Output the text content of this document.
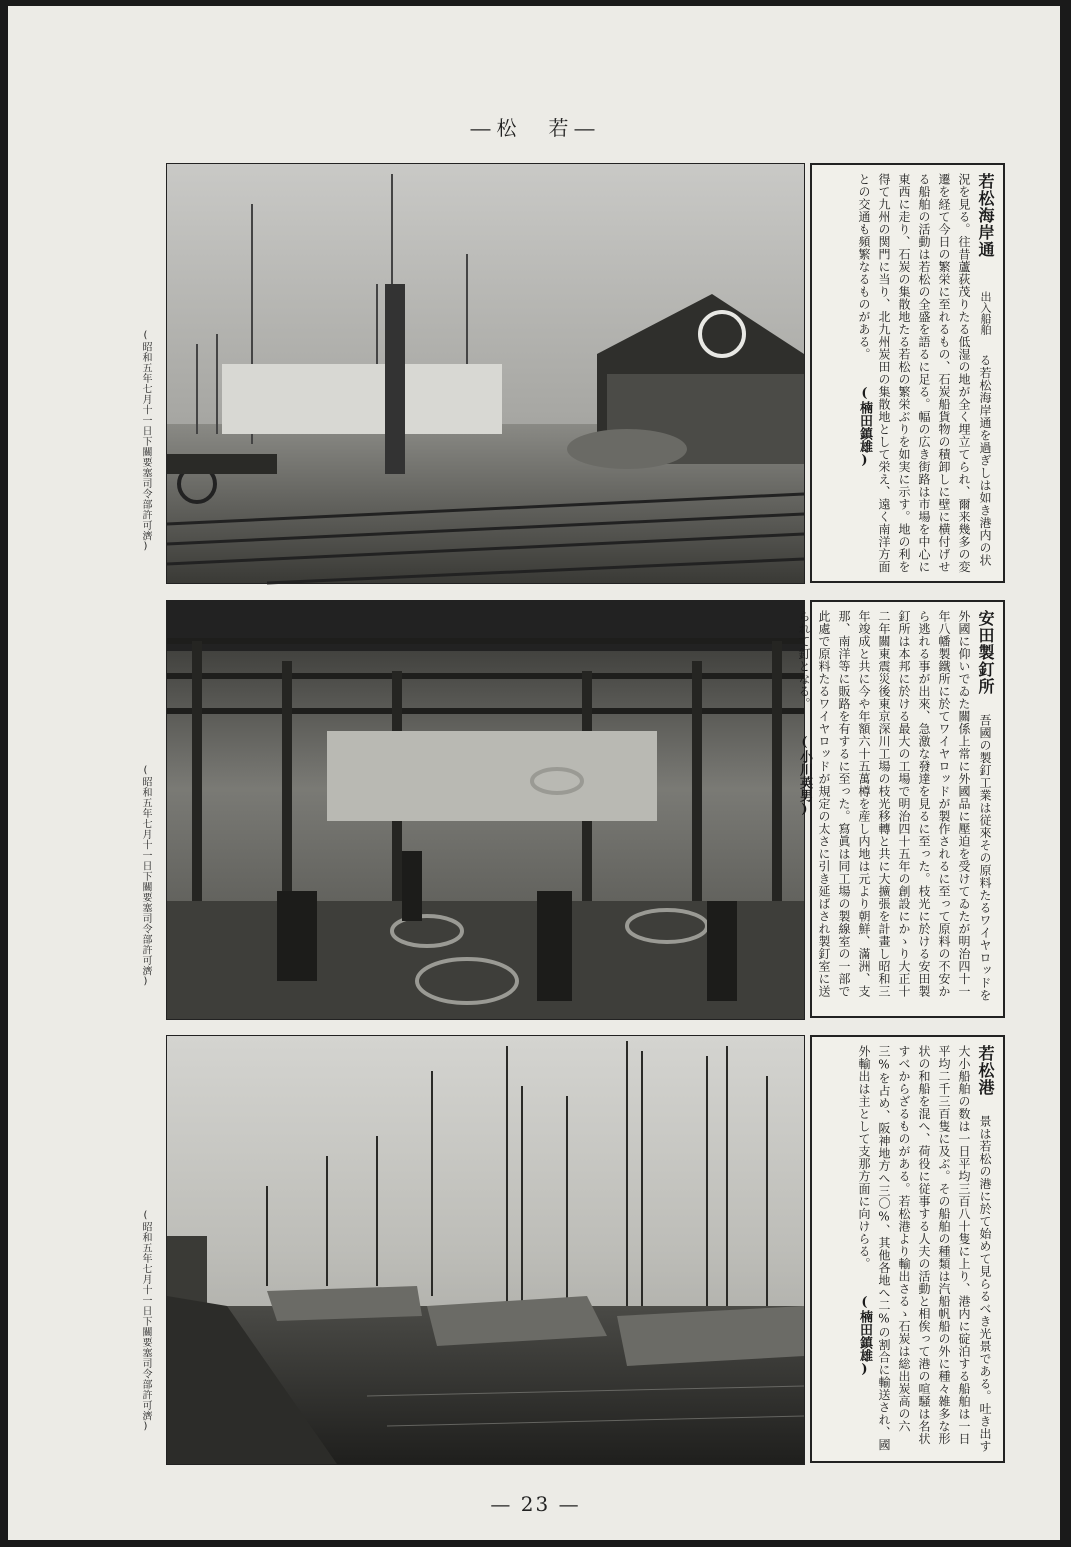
―松　若―
(昭和五年七月十一日下關要塞司令部許可濟)
若松海岸通 出入船舶 る若松海岸通を過ぎしは如き港内の状況を見る。往昔蘆荻茂りたる低湿の地が全く埋立てられ、爾来幾多の変遷を経て今日の繁栄に至れるもの、石炭船貨物の積卸しに壁に横付げせる船舶の活動は若松の全盛を語るに足る。幅の広き街路は市場を中心に東西に走り、石炭の集散地たる若松の繁栄ぶりを如実に示す。地の利を得て九州の関門に当り、北九州炭田の集散地として栄え、遠く南洋方面との交通も頻繁なるものがある。 (楠田鎮雄)
(昭和五年七月十一日下關要塞司令部許可濟)
安田製釘所 吾國の製釘工業は従來その原料たるワイヤロッドを外國に仰いでゐた關係上常に外國品に壓迫を受けてゐたが明治四十一年八幡製鐵所に於てワイヤロッドが製作されるに至って原料の不安から逃れる事が出來、急激な發達を見るに至った。枝光に於ける安田製釘所は本邦に於ける最大の工場で明治四十五年の創設にかゝり大正十二年關東震災後東京深川工場の枝光移轉と共に大擴張を計畫し昭和三年竣成と共に今や年額六十五萬樽を産し内地は元より朝鮮、滿洲、支那、南洋等に販路を有するに至った。寫眞は同工場の製線室の一部で此處で原料たるワイヤロッドが規定の太さに引き延ばされ製釘室に送られて釘となる。 (小川英男)
(昭和五年七月十一日下關要塞司令部許可濟)
若松港 景は若松の港に於て始めて見らるべき光景である。吐き出す大小船舶の数は一日平均三百八十隻に上り、港内に碇泊する船舶は一日平均二千三百隻に及ぶ。その船舶の種類は汽船帆船の外に種々雑多な形状の和船を混へ、荷役に従事する人夫の活動と相俟って港の喧騒は名状すべからざるものがある。若松港より輸出さるゝ石炭は総出炭高の六三%を占め、阪神地方へ三〇%、其他各地へ二%の割合に輸送され、國外輸出は主として支那方面に向けらる。 (楠田鎮雄)
— 23 —
